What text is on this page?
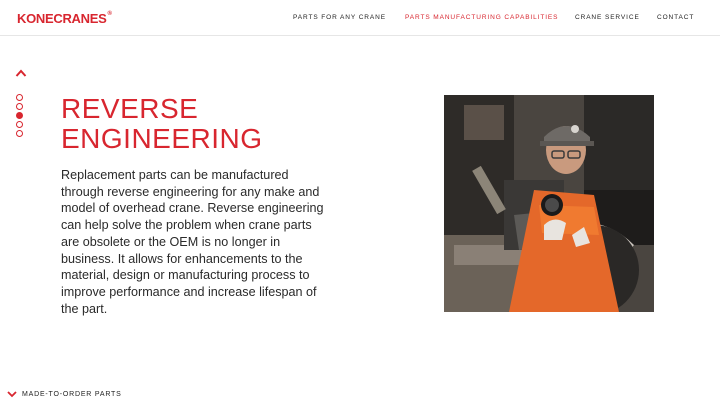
KONECRANES®	PARTS FOR ANY CRANE	PARTS MANUFACTURING CAPABILITIES	CRANE SERVICE	CONTACT
REVERSE ENGINEERING

Replacement parts can be manufactured through reverse engineering for any make and model of overhead crane. Reverse engineering can help solve the problem when crane parts are obsolete or the OEM is no longer in business. It allows for enhancements to the material, design or manufacturing process to improve performance and increase lifespan of the part.

MADE-TO-ORDER PARTS
